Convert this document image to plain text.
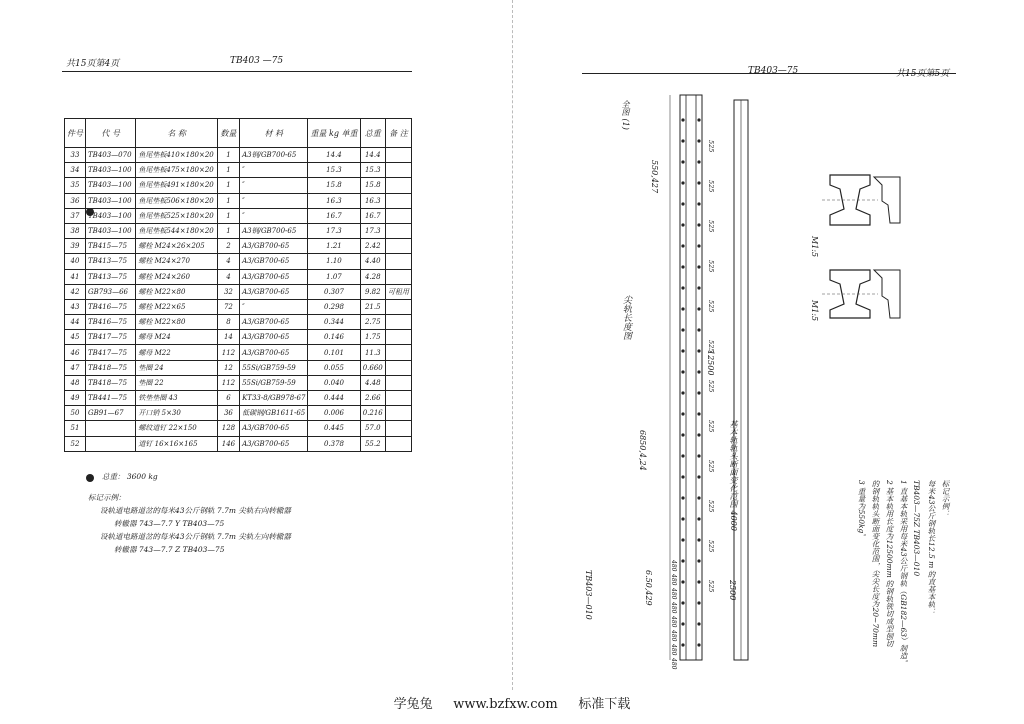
共15页第4页	TB403 —75
件号	代 号	名 称	数量	材 料	重量 kg 单重	总重	备 注
33	TB403—070	鱼尾垫板410×180×20	1	A3钢/GB700-65	14.4	14.4	
34	TB403—100	鱼尾垫板475×180×20	1	″	15.3	15.3	
35	TB403—100	鱼尾垫板491×180×20	1	″	15.8	15.8	
36	TB403—100	鱼尾垫板506×180×20	1	″	16.3	16.3	
37	TB403—100	鱼尾垫板525×180×20	1	″	16.7	16.7	
38	TB403—100	鱼尾垫板544×180×20	1	A3钢/GB700-65	17.3	17.3	
39	TB415—75	螺栓 M24×26×205	2	A3/GB700-65	1.21	2.42	
40	TB413—75	螺栓 M24×270	4	A3/GB700-65	1.10	4.40	
41	TB413—75	螺栓 M24×260	4	A3/GB700-65	1.07	4.28	
42	GB793—66	螺栓 M22×80	32	A3/GB700-65	0.307	9.82	可租用
43	TB416—75	螺栓 M22×65	72	″	0.298	21.5	
44	TB416—75	螺栓 M22×80	8	A3/GB700-65	0.344	2.75	
45	TB417—75	螺母 M24	14	A3/GB700-65	0.146	1.75	
46	TB417—75	螺母 M22	112	A3/GB700-65	0.101	11.3	
47	TB418—75	垫圈 24	12	55Si/GB759-59	0.055	0.660	
48	TB418—75	垫圈 22	112	55Si/GB759-59	0.040	4.48	
49	TB441—75	铁垫垫圈 43	6	KT33-8/GB978-67	0.444	2.66	
50	GB91—67	开口销 5×30	36	低碳钢/GB1611-65	0.006	0.216	
51		螺纹道钉 22×150	128	A3/GB700-65	0.445	57.0	
52		道钉 16×16×165	146	A3/GB700-65	0.378	55.2	
总重： 3600 kg
标记示例：
设轨道电路道岔的每米43公斤钢轨 7.7m 尖轨右向转辙器
转辙器 743—7.7 Y TB403—75
设轨道电路道岔的每米43公斤钢轨 7.7m 尖轨左向转辙器
转辙器 743—7.7 Z TB403—75
TB403—75	共15页第5页
全图 (1)
550,427
尖轨长度图
基本轨轨头断面变化范围 4000
6850,4,24
12500
2500
TB403—010	6.50,429
M1:5
M1:5
标记示例：
每米43公斤钢轨长12.5 m 的直基本轨：
TB403—75Z TB403—010
1 直基本轨采用每米43公斤钢轨（GB182—63）制造。
2 基本轨用长度为12500mm 的钢轨铣切成型刨切
的钢轨轨头断面变化范围，尖尖长度为20~70mm
3 重量为550kg。
525
525
525
525
525
525
525
525
525
525
525
525
480
480
480
480
480
480
480
480
学兔兔 www.bzfxw.com 标准下载
